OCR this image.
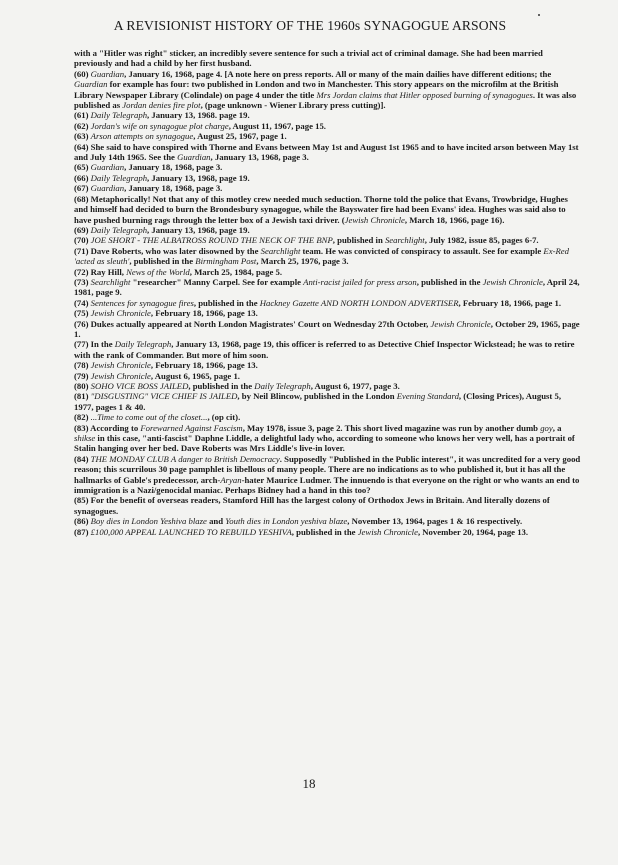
A REVISIONIST HISTORY OF THE 1960s SYNAGOGUE ARSONS

with a "Hitler was right" sticker, an incredibly severe sentence for such a trivial act of criminal damage. She had been married previously and had a child by her first husband.

(60) Guardian, January 16, 1968, page 4. [A note here on press reports. All or many of the main dailies have different editions; the Guardian for example has four: two published in London and two in Manchester. This story appears on the microfilm at the British Library Newspaper Library (Colindale) on page 4 under the title Mrs Jordan claims that Hitler opposed burning of synagogues. It was also published as Jordan denies fire plot, (page unknown - Wiener Library press cutting)].

(61) Daily Telegraph, January 13, 1968. page 19.

(62) Jordan's wife on synagogue plot charge, August 11, 1967, page 15.

(63) Arson attempts on synagogue, August 25, 1967, page 1.

(64) She said to have conspired with Thorne and Evans between May 1st and August 1st 1965 and to have incited arson between May 1st and July 14th 1965. See the Guardian, January 13, 1968, page 3.

(65) Guardian, January 18, 1968, page 3.

(66) Daily Telegraph, January 13, 1968, page 19.

(67) Guardian, January 18, 1968, page 3.

(68) Metaphorically! Not that any of this motley crew needed much seduction. Thorne told the police that Evans, Trowbridge, Hughes and himself had decided to burn the Brondesbury synagogue, while the Bayswater fire had been Evans' idea. Hughes was said also to have pushed burning rags through the letter box of a Jewish taxi driver. (Jewish Chronicle, March 18, 1966, page 16).

(69) Daily Telegraph, January 13, 1968, page 19.

(70) JOE SHORT - THE ALBATROSS ROUND THE NECK OF THE BNP, published in Searchlight, July 1982, issue 85, pages 6-7.

(71) Dave Roberts, who was later disowned by the Searchlight team. He was convicted of conspiracy to assault. See for example Ex-Red 'acted as sleuth', published in the Birmingham Post, March 25, 1976, page 3.

(72) Ray Hill, News of the World, March 25, 1984, page 5.

(73) Searchlight "researcher" Manny Carpel. See for example Anti-racist jailed for press arson, published in the Jewish Chronicle, April 24, 1981, page 9.

(74) Sentences for synagogue fires, published in the Hackney Gazette AND NORTH LONDON ADVERTISER, February 18, 1966, page 1.

(75) Jewish Chronicle, February 18, 1966, page 13.

(76) Dukes actually appeared at North London Magistrates' Court on Wednesday 27th October, Jewish Chronicle, October 29, 1965, page 1.

(77) In the Daily Telegraph, January 13, 1968, page 19, this officer is referred to as Detective Chief Inspector Wickstead; he was to retire with the rank of Commander. But more of him soon.

(78) Jewish Chronicle, February 18, 1966, page 13.

(79) Jewish Chronicle, August 6, 1965, page 1.

(80) SOHO VICE BOSS JAILED, published in the Daily Telegraph, August 6, 1977, page 3.

(81) "DISGUSTING" VICE CHIEF IS JAILED, by Neil Blincow, published in the London Evening Standard, (Closing Prices), August 5, 1977, pages 1 & 40.

(82) ...Time to come out of the closet..., (op cit).

(83) According to Forewarned Against Fascism, May 1978, issue 3, page 2. This short lived magazine was run by another dumb goy, a shikse in this case, "anti-fascist" Daphne Liddle, a delightful lady who, according to someone who knows her very well, has a portrait of Stalin hanging over her bed. Dave Roberts was Mrs Liddle's live-in lover.

(84) THE MONDAY CLUB A danger to British Democracy. Supposedly "Published in the Public interest", it was uncredited for a very good reason; this scurrilous 30 page pamphlet is libellous of many people. There are no indications as to who published it, but it has all the hallmarks of Gable's predecessor, arch-Aryan-hater Maurice Ludmer. The innuendo is that everyone on the right or who wants an end to immigration is a Nazi/genocidal maniac. Perhaps Bidney had a hand in this too?

(85) For the benefit of overseas readers, Stamford Hill has the largest colony of Orthodox Jews in Britain. And literally dozens of synagogues.

(86) Boy dies in London Yeshiva blaze and Youth dies in London yeshiva blaze, November 13, 1964, pages 1 & 16 respectively.

(87) £100,000 APPEAL LAUNCHED TO REBUILD YESHIVA, published in the Jewish Chronicle, November 20, 1964, page 13.

18
